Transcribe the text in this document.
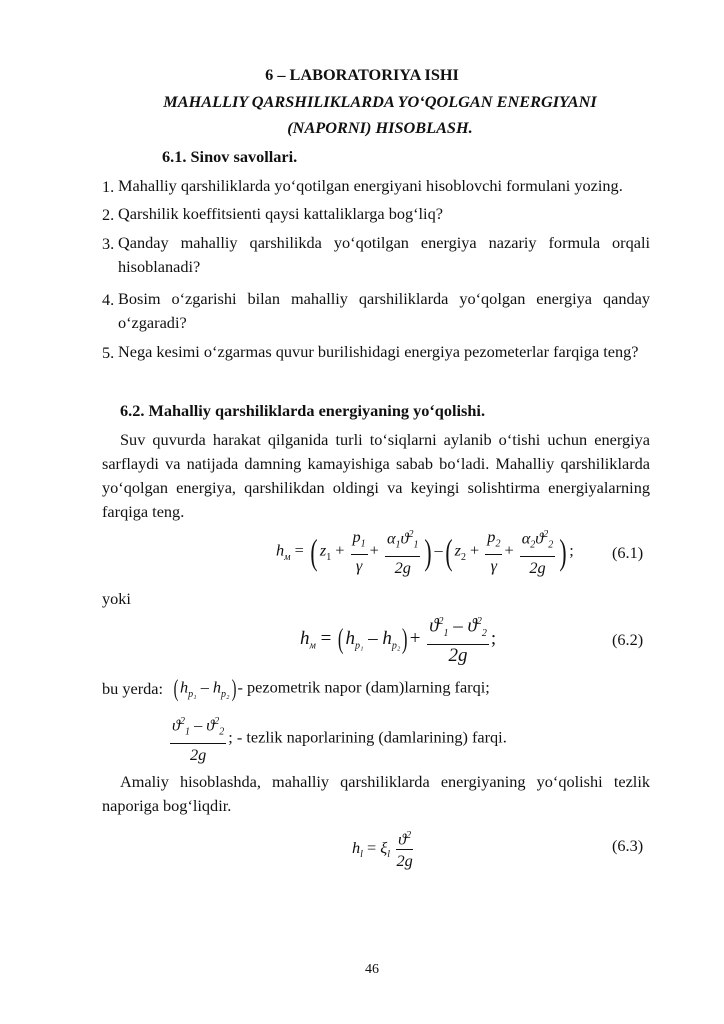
6 – LABORATORIYA ISHI
MAHALLIY QARSHILIKLARDA YO‘QOLGAN ENERGIYANI
(NAPORNI) HISOBLASH.
6.1. Sinov savollari.
1. Mahalliy qarshiliklarda yo‘qotilgan energiyani hisoblovchi formulani yozing.
2. Qarshilik koeffitsienti qaysi kattaliklarga bog‘liq?
3. Qanday mahalliy qarshilikda yo‘qotilgan energiya nazariy formula orqali hisoblanadi?
4. Bosim o‘zgarishi bilan mahalliy qarshiliklarda yo‘qolgan energiya qanday o‘zgaradi?
5. Nega kesimi o‘zgarmas quvur burilishidagi energiya pezometerlar farqiga teng?
6.2. Mahalliy qarshiliklarda energiyaning yo‘qolishi.
Suv quvurda harakat qilganida turli to‘siqlarni aylanib o‘tishi uchun energiya sarflaydi va natijada damning kamayishiga sabab bo‘ladi. Mahalliy qarshiliklarda yo‘qolgan energiya, qarshilikdan oldingi va keyingi solishtirma energiyalarning farqiga teng.
$h_м$ = ( $z_1 + \frac{p_1}{\gamma} + \frac{\alpha_1ϑ^2_1}{2g}$ ) –( $z_2 + \frac{p_2}{\gamma} + \frac{\alpha_2ϑ^2_2}{2g}$ ) ; (6.1)
yoki
$h_м = (h_{p_1} - h_{p_2})+ \frac{ϑ^2_1 - ϑ^2_2}{2g}$ ;	(6.2)
bu yerda: $(h_{p_1} - h_{p_2})-$ pezometrik napor (dam)larning farqi;
$\frac{ϑ^2_1 - ϑ^2_2}{2g}$ ; - tezlik naporlarining (damlarining) farqi.
Amaliy hisoblashda, mahalliy qarshiliklarda energiyaning yo‘qolishi tezlik naporiga bog‘liqdir.
$h_l = \xi_l \frac{ϑ^2}{2g}$	(6.3)
46
